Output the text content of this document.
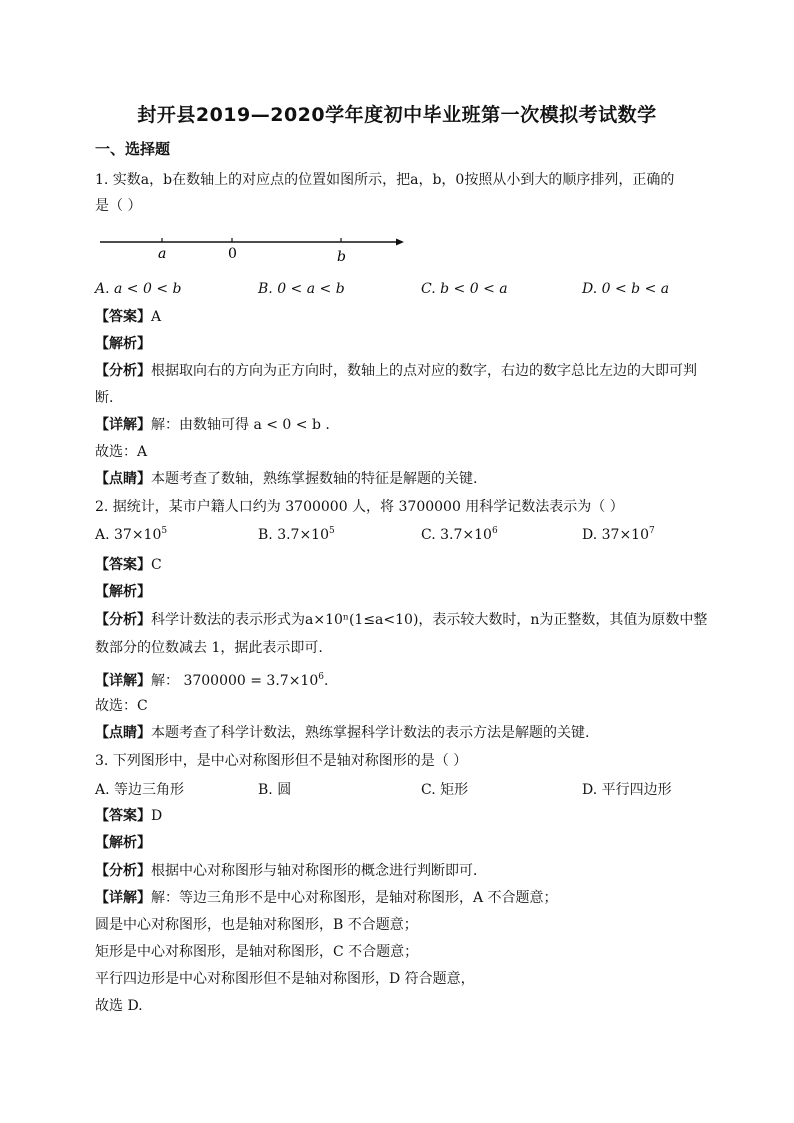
封开县2019—2020学年度初中毕业班第一次模拟考试数学
一、选择题
1. 实数a，b在数轴上的对应点的位置如图所示，把a，b，0按照从小到大的顺序排列，正确的
是（ ）
a	0	b
A. a < 0 < b	B. 0 < a < b	C. b < 0 < a	D. 0 < b < a
【答案】A
【解析】
【分析】根据取向右的方向为正方向时，数轴上的点对应的数字，右边的数字总比左边的大即可判
断.
【详解】解：由数轴可得 a < 0 < b .
故选：A
【点睛】本题考查了数轴，熟练掌握数轴的特征是解题的关键.
2. 据统计，某市户籍人口约为 3700000 人，将 3700000 用科学记数法表示为（ ）
A. $37\times 10^5$	B. $3.7\times 10^5$	C. $3.7\times 10^6$	D. $37\times 10^7$
【答案】C
【解析】
【分析】科学计数法的表示形式为a×10ⁿ(1≤a<10)，表示较大数时，n为正整数，其值为原数中整
数部分的位数减去 1，据此表示即可.
【详解】解： $3700000 = 3.7\times 10^6$.
故选：C
【点睛】本题考查了科学计数法，熟练掌握科学计数法的表示方法是解题的关键.
3. 下列图形中，是中心对称图形但不是轴对称图形的是（ ）
A. 等边三角形	B. 圆	C. 矩形	D. 平行四边形
【答案】D
【解析】
【分析】根据中心对称图形与轴对称图形的概念进行判断即可．
【详解】解：等边三角形不是中心对称图形，是轴对称图形，A 不合题意；
圆是中心对称图形，也是轴对称图形，B 不合题意；
矩形是中心对称图形，是轴对称图形，C 不合题意；
平行四边形是中心对称图形但不是轴对称图形，D 符合题意，
故选 D.
